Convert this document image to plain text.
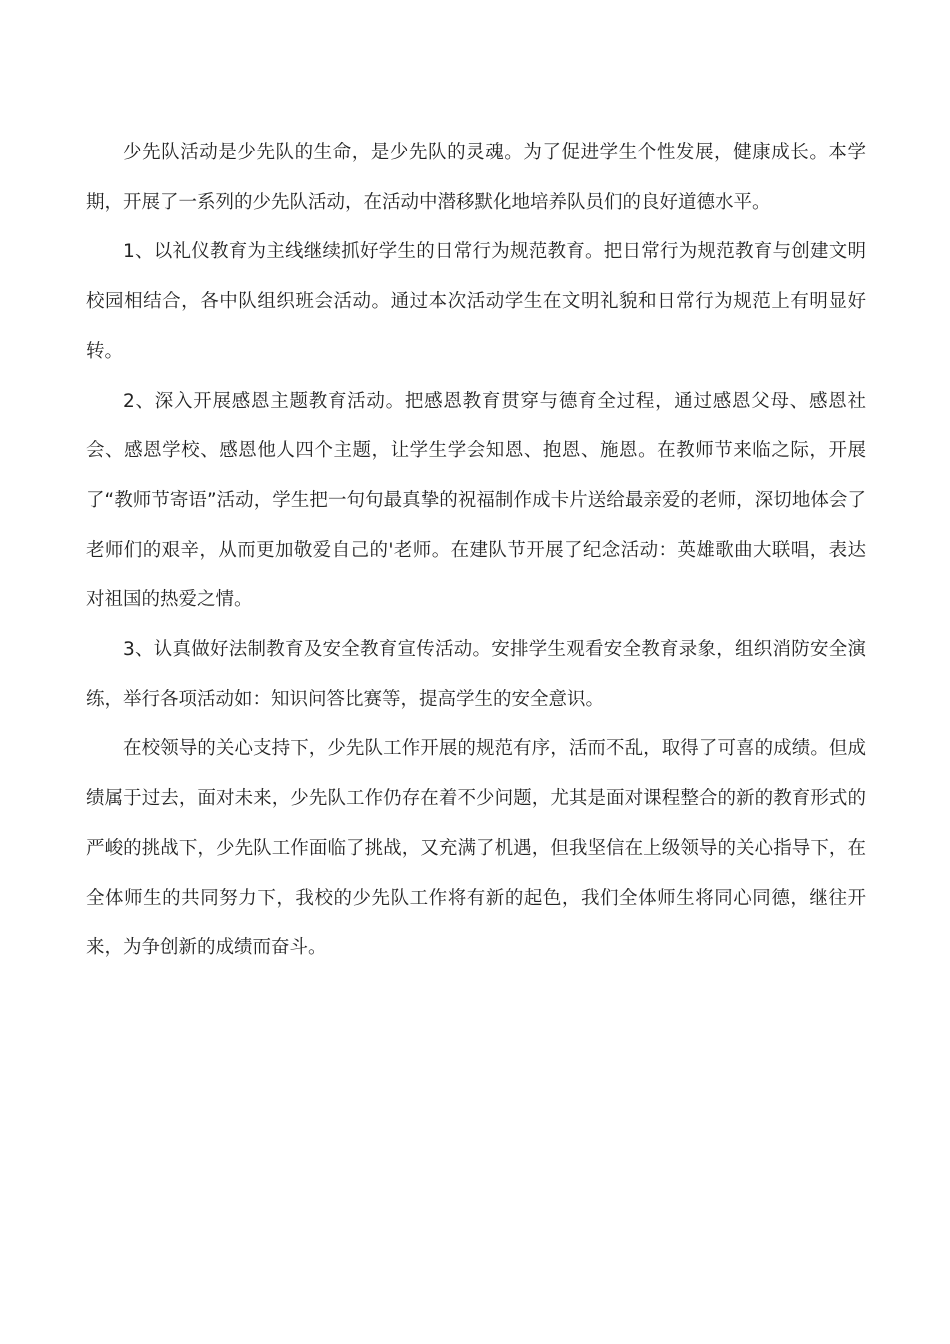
少先队活动是少先队的生命，是少先队的灵魂。为了促进学生个性发展，健康成长。本学期，开展了一系列的少先队活动，在活动中潜移默化地培养队员们的良好道德水平。

1、以礼仪教育为主线继续抓好学生的日常行为规范教育。把日常行为规范教育与创建文明校园相结合，各中队组织班会活动。通过本次活动学生在文明礼貌和日常行为规范上有明显好转。

2、深入开展感恩主题教育活动。把感恩教育贯穿与德育全过程，通过感恩父母、感恩社会、感恩学校、感恩他人四个主题，让学生学会知恩、抱恩、施恩。在教师节来临之际，开展了“教师节寄语”活动，学生把一句句最真挚的祝福制作成卡片送给最亲爱的老师，深切地体会了老师们的艰辛，从而更加敬爱自己的'老师。在建队节开展了纪念活动：英雄歌曲大联唱，表达对祖国的热爱之情。

3、认真做好法制教育及安全教育宣传活动。安排学生观看安全教育录象，组织消防安全演练，举行各项活动如：知识问答比赛等，提高学生的安全意识。

在校领导的关心支持下，少先队工作开展的规范有序，活而不乱，取得了可喜的成绩。但成绩属于过去，面对未来，少先队工作仍存在着不少问题，尤其是面对课程整合的新的教育形式的严峻的挑战下，少先队工作面临了挑战，又充满了机遇，但我坚信在上级领导的关心指导下，在全体师生的共同努力下，我校的少先队工作将有新的起色，我们全体师生将同心同德，继往开来，为争创新的成绩而奋斗。
